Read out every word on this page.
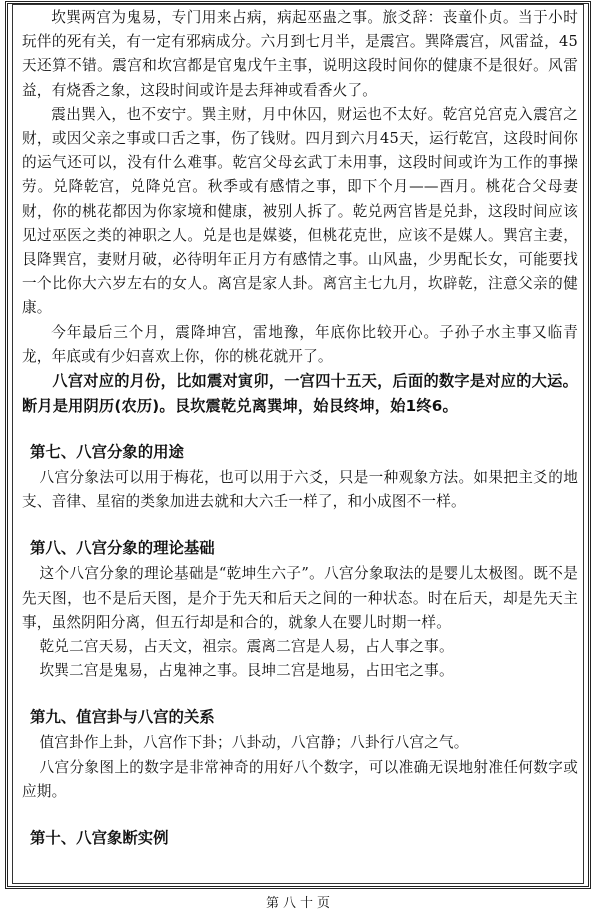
坎巽两宫为鬼易，专门用来占病，病起巫蛊之事。旅爻辞：丧童仆贞。当于小时玩伴的死有关，有一定有邪病成分。六月到七月半，是震宫。巽降震宫，风雷益，45天还算不错。震宫和坎宫都是官鬼戊午主事，说明这段时间你的健康不是很好。风雷益，有烧香之象，这段时间或许是去拜神或看香火了。

震出巽入，也不安宁。巽主财，月中休囚，财运也不太好。乾宫兑宫克入震宫之财，或因父亲之事或口舌之事，伤了钱财。四月到六月45天，运行乾宫，这段时间你的运气还可以，没有什么难事。乾宫父母玄武丁未用事，这段时间或许为工作的事操劳。兑降乾宫，兑降兑宫。秋季或有感情之事，即下个月——酉月。桃花合父母妻财，你的桃花都因为你家境和健康，被别人拆了。乾兑两宫皆是兑卦，这段时间应该见过巫医之类的神职之人。兑是也是媒婆，但桃花克世，应该不是媒人。巽宫主妻，艮降巽宫，妻财月破，必待明年正月方有感情之事。山风蛊，少男配长女，可能要找一个比你大六岁左右的女人。离宫是家人卦。离宫主七九月，坎辟乾，注意父亲的健康。

今年最后三个月，震降坤宫，雷地豫，年底你比较开心。子孙子水主事又临青龙，年底或有少妇喜欢上你，你的桃花就开了。

八宫对应的月份，比如震对寅卯，一宫四十五天，后面的数字是对应的大运。断月是用阴历(农历)。艮坎震乾兑离巽坤，始艮终坤，始1终6。

第七、八宫分象的用途

八宫分象法可以用于梅花，也可以用于六爻，只是一种观象方法。如果把主爻的地支、音律、星宿的类象加进去就和大六壬一样了，和小成图不一样。

第八、八宫分象的理论基础

这个八宫分象的理论基础是“乾坤生六子”。八宫分象取法的是婴儿太极图。既不是先天图，也不是后天图，是介于先天和后天之间的一种状态。时在后天，却是先天主事，虽然阴阳分离，但五行却是和合的，就象人在婴儿时期一样。

乾兑二宫天易，占天文，祖宗。震离二宫是人易，占人事之事。

坎巽二宫是鬼易，占鬼神之事。艮坤二宫是地易，占田宅之事。

第九、值宫卦与八宫的关系

值宫卦作上卦，八宫作下卦；八卦动，八宫静；八卦行八宫之气。

八宫分象图上的数字是非常神奇的用好八个数字，可以准确无误地射准任何数字或应期。

第十、八宫象断实例
第八十页
